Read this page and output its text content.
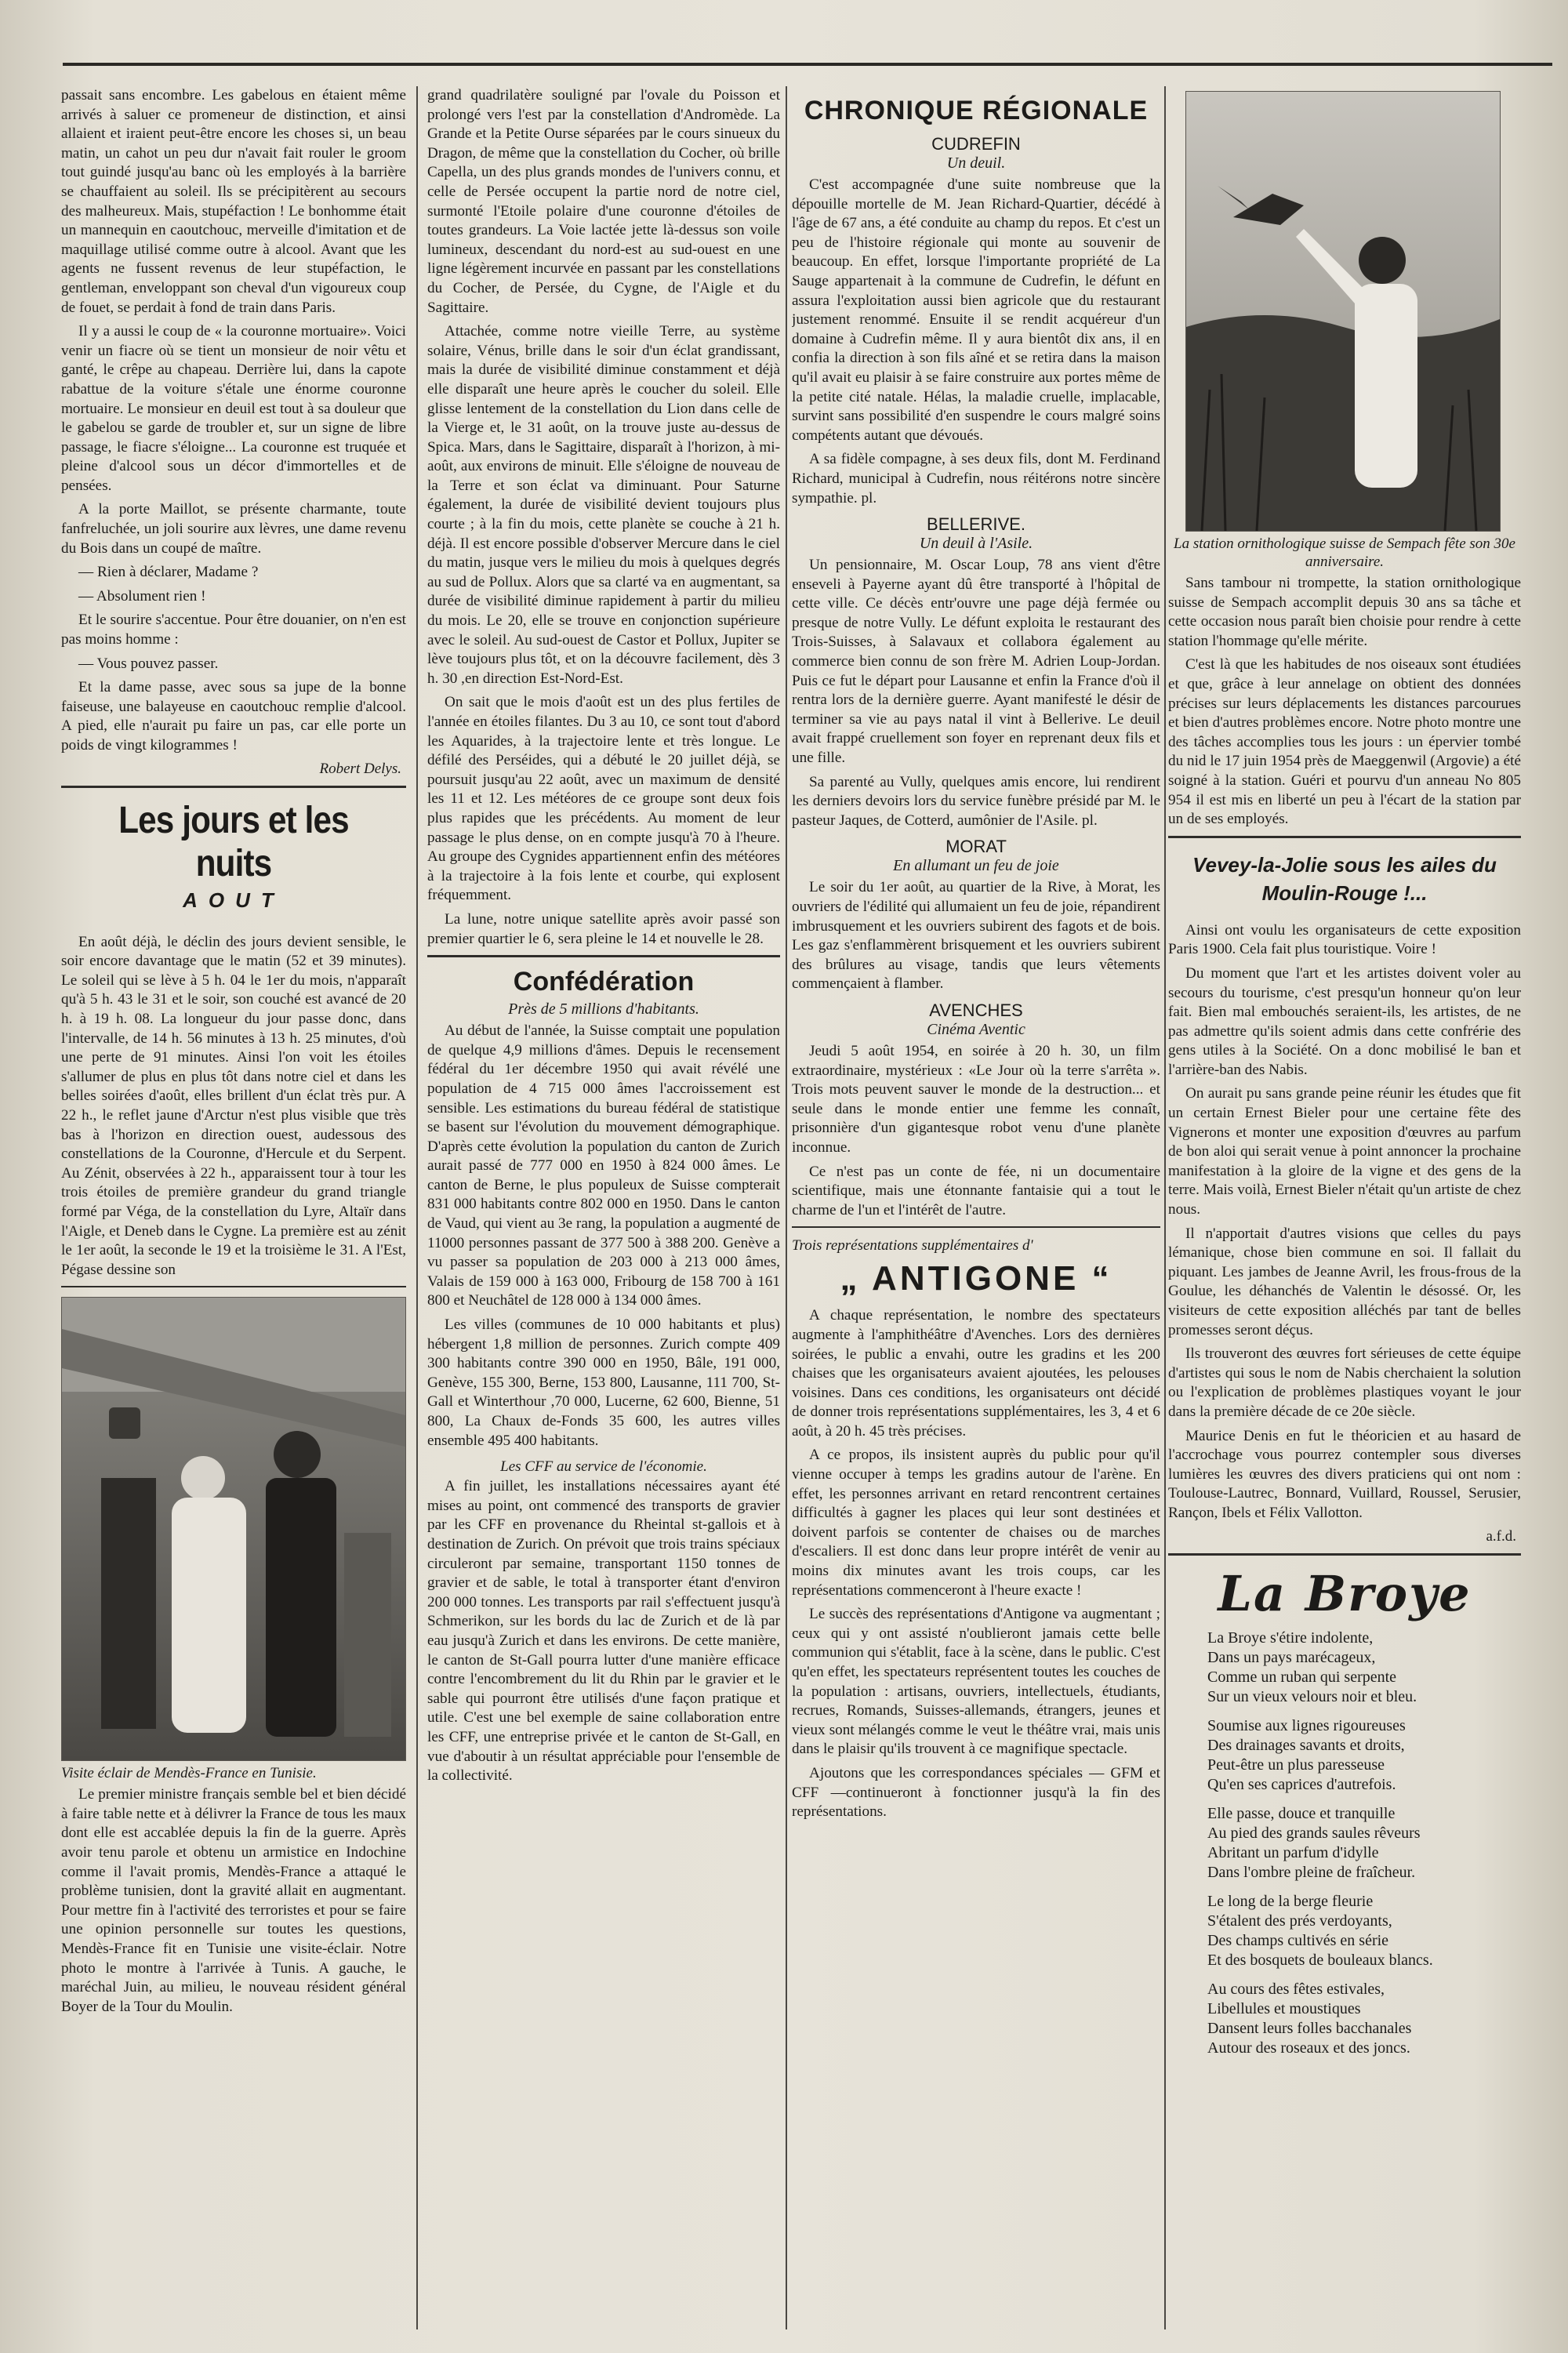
passait sans encombre. Les gabelous en étaient même arrivés à saluer ce promeneur de distinction, et ainsi allaient et iraient peut-être encore les choses si, un beau matin, un cahot un peu dur n'avait fait rouler le groom tout guindé jusqu'au banc où les employés à la barrière se chauffaient au soleil. Ils se précipitèrent au secours des malheureux. Mais, stupéfaction ! Le bonhomme était un mannequin en caoutchouc, merveille d'imitation et de maquillage utilisé comme outre à alcool. Avant que les agents ne fussent revenus de leur stupéfaction, le gentleman, enveloppant son cheval d'un vigoureux coup de fouet, se perdait à fond de train dans Paris.

Il y a aussi le coup de « la couronne mortuaire». Voici venir un fiacre où se tient un monsieur de noir vêtu et ganté, le crêpe au chapeau. Derrière lui, dans la capote rabattue de la voiture s'étale une énorme couronne mortuaire. Le monsieur en deuil est tout à sa douleur que le gabelou se garde de troubler et, sur un signe de libre passage, le fiacre s'éloigne... La couronne est truquée et pleine d'alcool sous un décor d'immortelles et de pensées.

A la porte Maillot, se présente charmante, toute fanfreluchée, un joli sourire aux lèvres, une dame revenu du Bois dans un coupé de maître.

— Rien à déclarer, Madame ?

— Absolument rien !

Et le sourire s'accentue. Pour être douanier, on n'en est pas moins homme :

— Vous pouvez passer.

Et la dame passe, avec sous sa jupe de la bonne faiseuse, une balayeuse en caoutchouc remplie d'alcool. A pied, elle n'aurait pu faire un pas, car elle porte un poids de vingt kilogrammes !

Robert Delys.
Les jours et les nuits
AOUT

En août déjà, le déclin des jours devient sensible, le soir encore davantage que le matin (52 et 39 minutes). Le soleil qui se lève à 5 h. 04 le 1er du mois, n'apparaît qu'à 5 h. 43 le 31 et le soir, son couché est avancé de 20 h. à 19 h. 08. La longueur du jour passe donc, dans l'intervalle, de 14 h. 56 minutes à 13 h. 25 minutes, d'où une perte de 91 minutes. Ainsi l'on voit les étoiles s'allumer de plus en plus tôt dans notre ciel et dans les belles soirées d'août, elles brillent d'un éclat très pur. A 22 h., le reflet jaune d'Arctur n'est plus visible que très bas à l'horizon en direction ouest, audessous des constellations de la Couronne, d'Hercule et du Serpent. Au Zénit, observées à 22 h., apparaissent tour à tour les trois étoiles de première grandeur du grand triangle formé par Véga, de la constellation du Lyre, Altaïr dans l'Aigle, et Deneb dans le Cygne. La première est au zénit le 1er août, la seconde le 19 et la troisième le 31. A l'Est, Pégase dessine son

Visite éclair de Mendès-France en Tunisie.

Le premier ministre français semble bel et bien décidé à faire table nette et à délivrer la France de tous les maux dont elle est accablée depuis la fin de la guerre. Après avoir tenu parole et obtenu un armistice en Indochine comme il l'avait promis, Mendès-France a attaqué le problème tunisien, dont la gravité allait en augmentant. Pour mettre fin à l'activité des terroristes et pour se faire une opinion personnelle sur toutes les questions, Mendès-France fit en Tunisie une visite-éclair. Notre photo le montre à l'arrivée à Tunis. A gauche, le maréchal Juin, au milieu, le nouveau résident général Boyer de la Tour du Moulin.

grand quadrilatère souligné par l'ovale du Poisson et prolongé vers l'est par la constellation d'Andromède. La Grande et la Petite Ourse séparées par le cours sinueux du Dragon, de même que la constellation du Cocher, où brille Capella, un des plus grands mondes de l'univers connu, et celle de Persée occupent la partie nord de notre ciel, surmonté l'Etoile polaire d'une couronne d'étoiles de toutes grandeurs. La Voie lactée jette là-dessus son voile lumineux, descendant du nord-est au sud-ouest en une ligne légèrement incurvée en passant par les constellations du Cocher, de Persée, du Cygne, de l'Aigle et du Sagittaire.

Attachée, comme notre vieille Terre, au système solaire, Vénus, brille dans le soir d'un éclat grandissant, mais la durée de visibilité diminue constamment et déjà elle disparaît une heure après le coucher du soleil. Elle glisse lentement de la constellation du Lion dans celle de la Vierge et, le 31 août, on la trouve juste au-dessus de Spica. Mars, dans le Sagittaire, disparaît à l'horizon, à mi-août, aux environs de minuit. Elle s'éloigne de nouveau de la Terre et son éclat va diminuant. Pour Saturne également, la durée de visibilité devient toujours plus courte ; à la fin du mois, cette planète se couche à 21 h. déjà. Il est encore possible d'observer Mercure dans le ciel du matin, jusque vers le milieu du mois à quelques degrés au sud de Pollux. Alors que sa clarté va en augmentant, sa durée de visibilité diminue rapidement à partir du milieu du mois. Le 20, elle se trouve en conjonction supérieure avec le soleil. Au sud-ouest de Castor et Pollux, Jupiter se lève toujours plus tôt, et on la découvre facilement, dès 3 h. 30 ,en direction Est-Nord-Est.

On sait que le mois d'août est un des plus fertiles de l'année en étoiles filantes. Du 3 au 10, ce sont tout d'abord les Aquarides, à la trajectoire lente et très longue. Le défilé des Perséides, qui a débuté le 20 juillet déjà, se poursuit jusqu'au 22 août, avec un maximum de densité les 11 et 12. Les météores de ce groupe sont deux fois plus rapides que les précédents. Au moment de leur passage le plus dense, on en compte jusqu'à 70 à l'heure. Au groupe des Cygnides appartiennent enfin des météores à la trajectoire à la fois lente et courbe, qui explosent fréquemment.

La lune, notre unique satellite après avoir passé son premier quartier le 6, sera pleine le 14 et nouvelle le 28.

Confédération
Près de 5 millions d'habitants.

Au début de l'année, la Suisse comptait une population de quelque 4,9 millions d'âmes. Depuis le recensement fédéral du 1er décembre 1950 qui avait révélé une population de 4 715 000 âmes l'accroissement est sensible. Les estimations du bureau fédéral de statistique se basent sur l'évolution du mouvement démographique. D'après cette évolution la population du canton de Zurich aurait passé de 777 000 en 1950 à 824 000 âmes. Le canton de Berne, le plus populeux de Suisse compterait 831 000 habitants contre 802 000 en 1950. Dans le canton de Vaud, qui vient au 3e rang, la population a augmenté de 11000 personnes passant de 377 500 à 388 200. Genève a vu passer sa population de 203 000 à 213 000 âmes, Valais de 159 000 à 163 000, Fribourg de 158 700 à 161 800 et Neuchâtel de 128 000 à 134 000 âmes.

Les villes (communes de 10 000 habitants et plus) hébergent 1,8 million de personnes. Zurich compte 409 300 habitants contre 390 000 en 1950, Bâle, 191 000, Genève, 155 300, Berne, 153 800, Lausanne, 111 700, St-Gall et Winterthour ,70 000, Lucerne, 62 600, Bienne, 51 800, La Chaux de-Fonds 35 600, les autres villes ensemble 495 400 habitants.

Les CFF au service de l'économie.

A fin juillet, les installations nécessaires ayant été mises au point, ont commencé des transports de gravier par les CFF en provenance du Rheintal st-gallois et à destination de Zurich. On prévoit que trois trains spéciaux circuleront par semaine, transportant 1150 tonnes de gravier et de sable, le total à transporter étant d'environ 200 000 tonnes. Les transports par rail s'effectuent jusqu'à Schmerikon, sur les bords du lac de Zurich et de là par eau jusqu'à Zurich et dans les environs. De cette manière, le canton de St-Gall pourra lutter d'une manière efficace contre l'encombrement du lit du Rhin par le gravier et le sable qui pourront être utilisés d'une façon pratique et utile. C'est une bel exemple de saine collaboration entre les CFF, une entreprise privée et le canton de St-Gall, en vue d'aboutir à un résultat appréciable pour l'ensemble de la collectivité.

CHRONIQUE RÉGIONALE
CUDREFIN
Un deuil.

C'est accompagnée d'une suite nombreuse que la dépouille mortelle de M. Jean Richard-Quartier, décédé à l'âge de 67 ans, a été conduite au champ du repos. Et c'est un peu de l'histoire régionale qui monte au souvenir de beaucoup. En effet, lorsque l'importante propriété de La Sauge appartenait à la commune de Cudrefin, le défunt en assura l'exploitation aussi bien agricole que du restaurant justement renommé. Ensuite il se rendit acquéreur d'un domaine à Cudrefin même. Il y aura bientôt dix ans, il en confia la direction à son fils aîné et se retira dans la maison qu'il avait eu plaisir à se faire construire aux portes même de la petite cité natale. Hélas, la maladie cruelle, implacable, survint sans possibilité d'en suspendre le cours malgré soins compétents autant que dévoués.

A sa fidèle compagne, à ses deux fils, dont M. Ferdinand Richard, municipal à Cudrefin, nous réitérons notre sincère sympathie. pl.

BELLERIVE.
Un deuil à l'Asile.

Un pensionnaire, M. Oscar Loup, 78 ans vient d'être enseveli à Payerne ayant dû être transporté à l'hôpital de cette ville. Ce décès entr'ouvre une page déjà fermée ou presque de notre Vully. Le défunt exploita le restaurant des Trois-Suisses, à Salavaux et collabora également au commerce bien connu de son frère M. Adrien Loup-Jordan. Puis ce fut le départ pour Lausanne et enfin la France d'où il rentra lors de la dernière guerre. Ayant manifesté le désir de terminer sa vie au pays natal il vint à Bellerive. Le deuil avait frappé cruellement son foyer en reprenant deux fils et une fille.

Sa parenté au Vully, quelques amis encore, lui rendirent les derniers devoirs lors du service funèbre présidé par M. le pasteur Jaques, de Cotterd, aumônier de l'Asile. pl.

MORAT
En allumant un feu de joie

Le soir du 1er août, au quartier de la Rive, à Morat, les ouvriers de l'édilité qui allumaient un feu de joie, répandirent imbrusquement et les ouvriers subirent des fagots et de bois. Les gaz s'enflammèrent brisquement et les ouvriers subirent des brûlures au visage, tandis que leurs vêtements commençaient à flamber.

AVENCHES
Cinéma Aventic

Jeudi 5 août 1954, en soirée à 20 h. 30, un film extraordinaire, mystérieux : «Le Jour où la terre s'arrêta ». Trois mots peuvent sauver le monde de la destruction... et seule dans le monde entier une femme les connaît, prisonnière d'un gigantesque robot venu d'une planète inconnue.

Ce n'est pas un conte de fée, ni un documentaire scientifique, mais une étonnante fantaisie qui a tout le charme de l'un et l'intérêt de l'autre.

Trois représentations supplémentaires d'
„ ANTIGONE “

A chaque représentation, le nombre des spectateurs augmente à l'amphithéâtre d'Avenches. Lors des dernières soirées, le public a envahi, outre les gradins et les 200 chaises que les organisateurs avaient ajoutées, les pelouses voisines. Dans ces conditions, les organisateurs ont décidé de donner trois représentations supplémentaires, les 3, 4 et 6 août, à 20 h. 45 très précises.

A ce propos, ils insistent auprès du public pour qu'il vienne occuper à temps les gradins autour de l'arène. En effet, les personnes arrivant en retard rencontrent certaines difficultés à gagner les places qui leur sont destinées et doivent parfois se contenter de chaises ou de marches d'escaliers. Il est donc dans leur propre intérêt de venir au moins dix minutes avant les trois coups, car les représentations commenceront à l'heure exacte !

Le succès des représentations d'Antigone va augmentant ; ceux qui y ont assisté n'oublieront jamais cette belle communion qui s'établit, face à la scène, dans le public. C'est qu'en effet, les spectateurs représentent toutes les couches de la population : artisans, ouvriers, intellectuels, étudiants, recrues, Romands, Suisses-allemands, étrangers, jeunes et vieux sont mélangés comme le veut le théâtre vrai, mais unis dans le plaisir qu'ils trouvent à ce magnifique spectacle.

Ajoutons que les correspondances spéciales — GFM et CFF —continueront à fonctionner jusqu'à la fin des représentations.

La station ornithologique suisse de Sempach fête son 30e anniversaire.

Sans tambour ni trompette, la station ornithologique suisse de Sempach accomplit depuis 30 ans sa tâche et cette occasion nous paraît bien choisie pour rendre à cette station l'hommage qu'elle mérite.

C'est là que les habitudes de nos oiseaux sont étudiées et que, grâce à leur annelage on obtient des données précises sur leurs déplacements les distances parcourues et bien d'autres problèmes encore. Notre photo montre une des tâches accomplies tous les jours : un épervier tombé du nid le 17 juin 1954 près de Maeggenwil (Argovie) a été soigné à la station. Guéri et pourvu d'un anneau No 805 954 il est mis en liberté un peu à l'écart de la station par un de ses employés.

Vevey-la-Jolie sous les ailes du Moulin-Rouge !...

Ainsi ont voulu les organisateurs de cette exposition Paris 1900. Cela fait plus touristique. Voire !

Du moment que l'art et les artistes doivent voler au secours du tourisme, c'est presqu'un honneur qu'on leur fait. Bien mal embouchés seraient-ils, les artistes, de ne pas admettre qu'ils soient admis dans cette confrérie des gens utiles à la Société. On a donc mobilisé le ban et l'arrière-ban des Nabis.

On aurait pu sans grande peine réunir les études que fit un certain Ernest Bieler pour une certaine fête des Vignerons et monter une exposition d'œuvres au parfum de bon aloi qui serait venue à point annoncer la prochaine manifestation à la gloire de la vigne et des gens de la terre. Mais voilà, Ernest Bieler n'était qu'un artiste de chez nous.

Il n'apportait d'autres visions que celles du pays lémanique, chose bien commune en soi. Il fallait du piquant. Les jambes de Jeanne Avril, les frous-frous de la Goulue, les déhanchés de Valentin le désossé. Or, les visiteurs de cette exposition alléchés par tant de belles promesses seront déçus.

Ils trouveront des œuvres fort sérieuses de cette équipe d'artistes qui sous le nom de Nabis cherchaient la solution ou l'explication de problèmes plastiques voyant le jour dans la première décade de ce 20e siècle.

Maurice Denis en fut le théoricien et au hasard de l'accrochage vous pourrez contempler sous diverses lumières les œuvres des divers praticiens qui ont nom : Toulouse-Lautrec, Bonnard, Vuillard, Roussel, Serusier, Rançon, Ibels et Félix Vallotton.

a.f.d.
La Broye
La Broye s'étire indolente,
Dans un pays marécageux,
Comme un ruban qui serpente
Sur un vieux velours noir et bleu.
Soumise aux lignes rigoureuses
Des drainages savants et droits,
Peut-être un plus paresseuse
Qu'en ses caprices d'autrefois.
Elle passe, douce et tranquille
Au pied des grands saules rêveurs
Abritant un parfum d'idylle
Dans l'ombre pleine de fraîcheur.
Le long de la berge fleurie
S'étalent des prés verdoyants,
Des champs cultivés en série
Et des bosquets de bouleaux blancs.
Au cours des fêtes estivales,
Libellules et moustiques
Dansent leurs folles bacchanales
Autour des roseaux et des joncs.
